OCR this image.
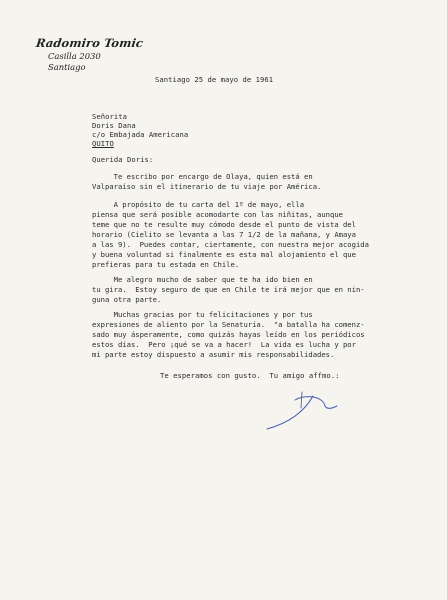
Radomiro Tomic
Casilla 2030
Santiago
Santiago 25 de mayo de 1961
Señorita
Doris Dana
c/o Embajada Americana
QUITO
Querida Doris:
Te escribo por encargo de Olaya, quien está en
Valparaíso sin el itinerario de tu viaje por América.
A propósito de tu carta del 1º de mayo, ella
piensa que será posible acomodarte con las niñitas, aunque
teme que no te resulte muy cómodo desde el punto de vista del
horario (Cielito se levanta a las 7 1/2 de la mañana, y Amaya
a las 9).  Puedes contar, ciertamente, con nuestra mejor acogida
y buena voluntad si finalmente es esta mal alojamiento el que
prefieras para tu estada en Chile.
Me alegro mucho de saber que te ha ido bien en
tu gira.  Estoy seguro de que en Chile te irá mejor que en nin-
guna otra parte.
Muchas gracias por tu felicitaciones y por tus
expresiones de aliento por la Senaturía.  "a batalla ha comenz-
sado muy ásperamente, como quizás hayas leído en los periódicos
estos días.  Pero ¡qué se va a hacer!  La vida es lucha y por
mi parte estoy dispuesto a asumir mis responsabilidades.
Te esperamos con gusto.  Tu amigo affmo.:
